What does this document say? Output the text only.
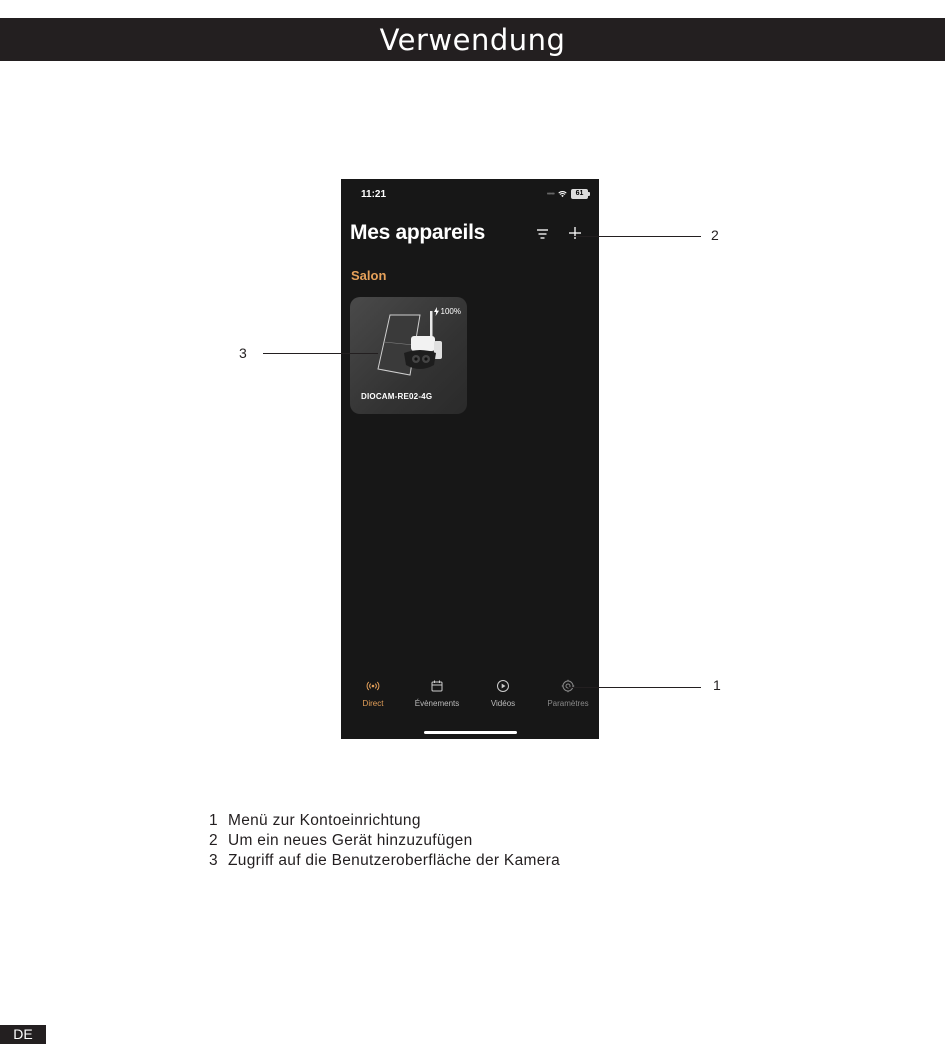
Verwendung
11:21	•••••	61
Mes appareils
Salon
100%
DIOCAM-RE02-4G
Direct	Évènements	Vidéos	Paramètres
2
3
1
1 Menü zur Kontoeinrichtung
2 Um ein neues Gerät hinzuzufügen
3 Zugriff auf die Benutzeroberfläche der Kamera
DE
